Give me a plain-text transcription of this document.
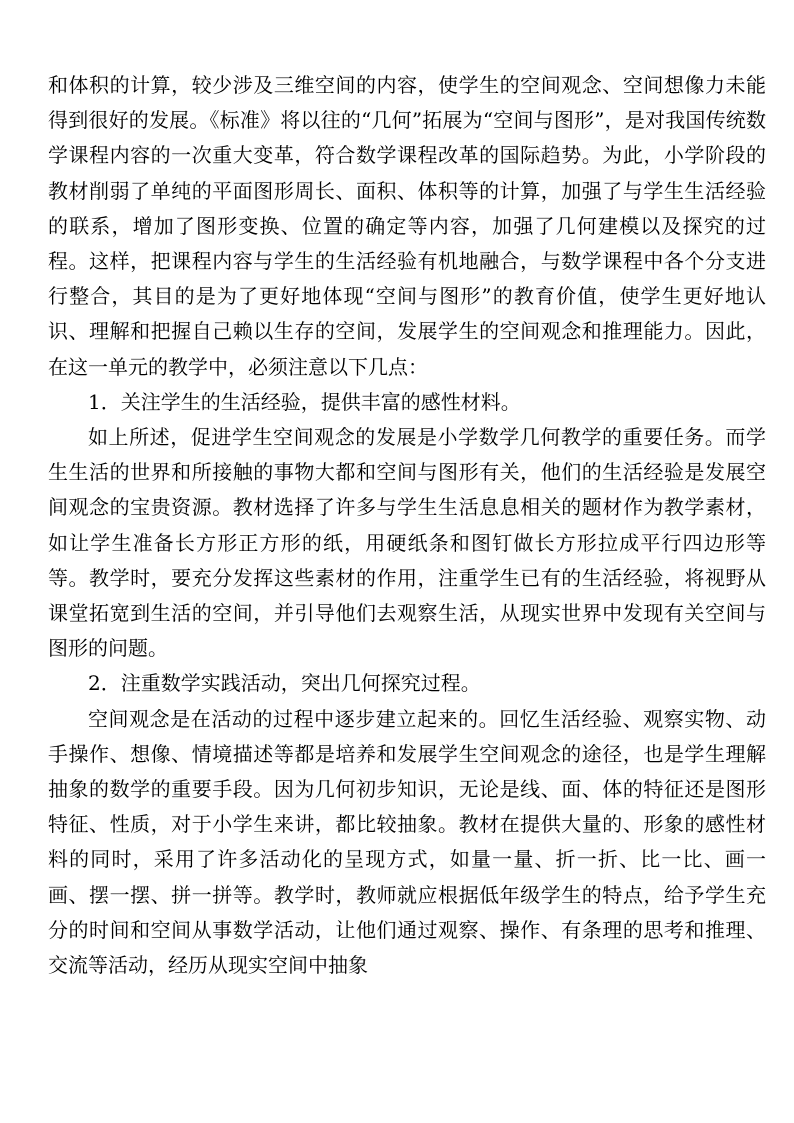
和体积的计算，较少涉及三维空间的内容，使学生的空间观念、空间想像力未能得到很好的发展。《标准》将以往的“几何”拓展为“空间与图形”，是对我国传统数学课程内容的一次重大变革，符合数学课程改革的国际趋势。为此，小学阶段的教材削弱了单纯的平面图形周长、面积、体积等的计算，加强了与学生生活经验的联系，增加了图形变换、位置的确定等内容，加强了几何建模以及探究的过程。这样，把课程内容与学生的生活经验有机地融合，与数学课程中各个分支进行整合，其目的是为了更好地体现“空间与图形”的教育价值，使学生更好地认识、理解和把握自己赖以生存的空间，发展学生的空间观念和推理能力。因此，在这一单元的教学中，必须注意以下几点：

1．关注学生的生活经验，提供丰富的感性材料。

如上所述，促进学生空间观念的发展是小学数学几何教学的重要任务。而学生生活的世界和所接触的事物大都和空间与图形有关，他们的生活经验是发展空间观念的宝贵资源。教材选择了许多与学生生活息息相关的题材作为教学素材，如让学生准备长方形正方形的纸，用硬纸条和图钉做长方形拉成平行四边形等等。教学时，要充分发挥这些素材的作用，注重学生已有的生活经验，将视野从课堂拓宽到生活的空间，并引导他们去观察生活，从现实世界中发现有关空间与图形的问题。

2．注重数学实践活动，突出几何探究过程。

空间观念是在活动的过程中逐步建立起来的。回忆生活经验、观察实物、动手操作、想像、情境描述等都是培养和发展学生空间观念的途径，也是学生理解抽象的数学的重要手段。因为几何初步知识，无论是线、面、体的特征还是图形特征、性质，对于小学生来讲，都比较抽象。教材在提供大量的、形象的感性材料的同时，采用了许多活动化的呈现方式，如量一量、折一折、比一比、画一画、摆一摆、拼一拼等。教学时，教师就应根据低年级学生的特点，给予学生充分的时间和空间从事数学活动，让他们通过观察、操作、有条理的思考和推理、交流等活动，经历从现实空间中抽象
